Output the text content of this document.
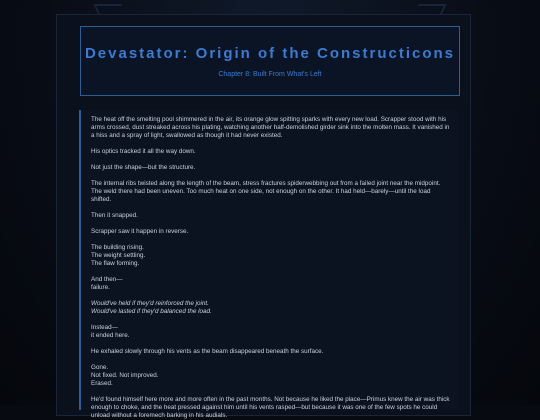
Devastator: Origin of the Constructicons
Chapter 8: Built From What's Left
The heat off the smelting pool shimmered in the air, its orange glow spitting sparks with every new load. Scrapper stood with his arms crossed, dust streaked across his plating, watching another half-demolished girder sink into the molten mass. It vanished in a hiss and a spray of light, swallowed as though it had never existed.
His optics tracked it all the way down.
Not just the shape—but the structure.
The internal ribs twisted along the length of the beam, stress fractures spiderwebbing out from a failed joint near the midpoint. The weld there had been uneven. Too much heat on one side, not enough on the other. It had held—barely—until the load shifted.
Then it snapped.
Scrapper saw it happen in reverse.
The building rising.
The weight settling.
The flaw forming.
And then—
failure.
Would've held if they'd reinforced the joint.
Would've lasted if they'd balanced the load.
Instead—
it ended here.
He exhaled slowly through his vents as the beam disappeared beneath the surface.
Gone.
Not fixed. Not improved.
Erased.
He'd found himself here more and more often in the past months. Not because he liked the place—Primus knew the air was thick enough to choke, and the heat pressed against him until his vents rasped—but because it was one of the few spots he could unload without a foremech barking in his audials.
